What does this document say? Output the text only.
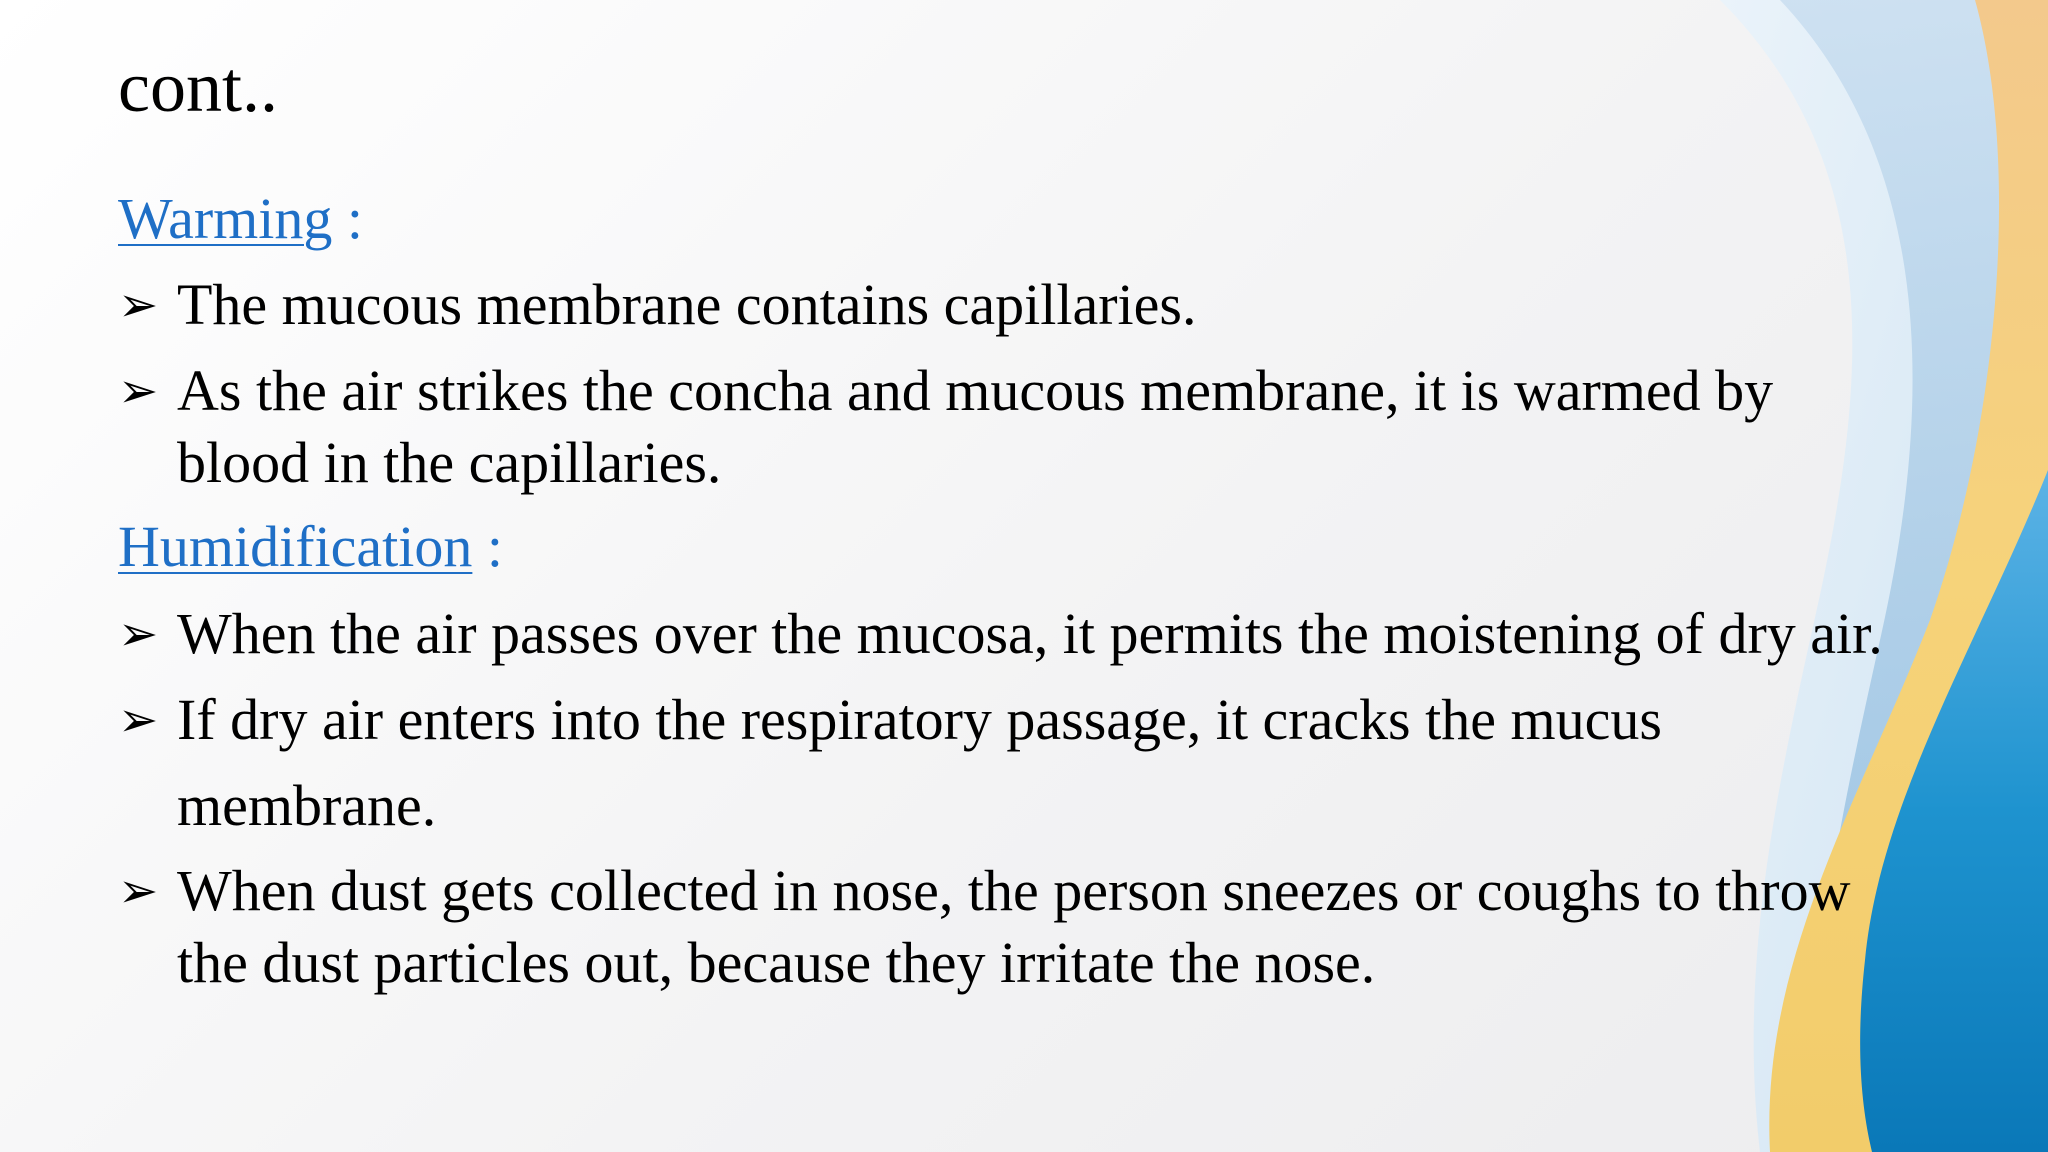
cont..
Warming :
➢ The mucous membrane contains capillaries.
➢ As the air strikes the concha and mucous membrane, it is warmed by
blood in the capillaries.
Humidification :
➢ When the air passes over the mucosa, it permits the moistening of dry air.
➢ If dry air enters into the respiratory passage, it cracks the mucus
membrane.
➢ When dust gets collected in nose, the person sneezes or coughs to throw
the dust particles out, because they irritate the nose.
